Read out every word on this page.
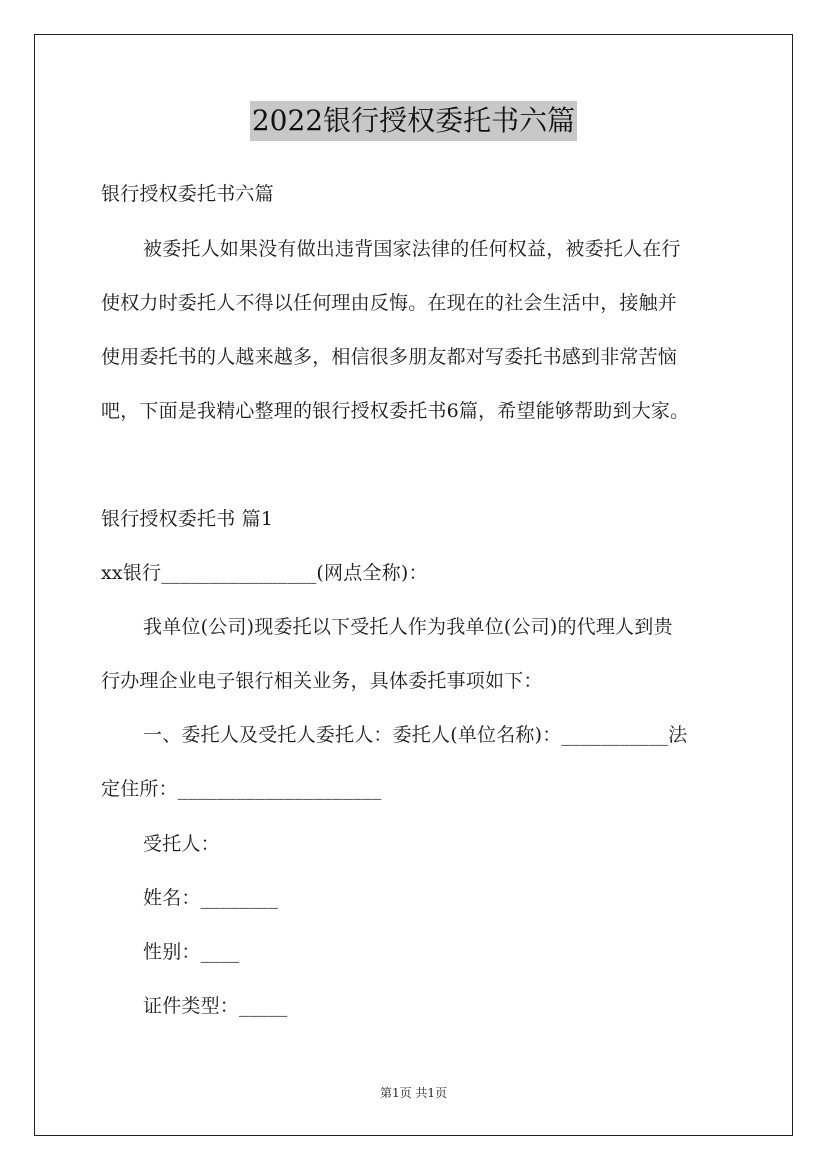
2022银行授权委托书六篇
银行授权委托书六篇
被委托人如果没有做出违背国家法律的任何权益，被委托人在行
使权力时委托人不得以任何理由反悔。在现在的社会生活中，接触并
使用委托书的人越来越多，相信很多朋友都对写委托书感到非常苦恼
吧，下面是我精心整理的银行授权委托书6篇，希望能够帮助到大家。
银行授权委托书 篇1
xx银行________________(网点全称)：
我单位(公司)现委托以下受托人作为我单位(公司)的代理人到贵
行办理企业电子银行相关业务，具体委托事项如下：
一、委托人及受托人委托人：委托人(单位名称)：___________法
定住所：_____________________
受托人：
姓名：________
性别：____
证件类型：_____
第1页 共1页
